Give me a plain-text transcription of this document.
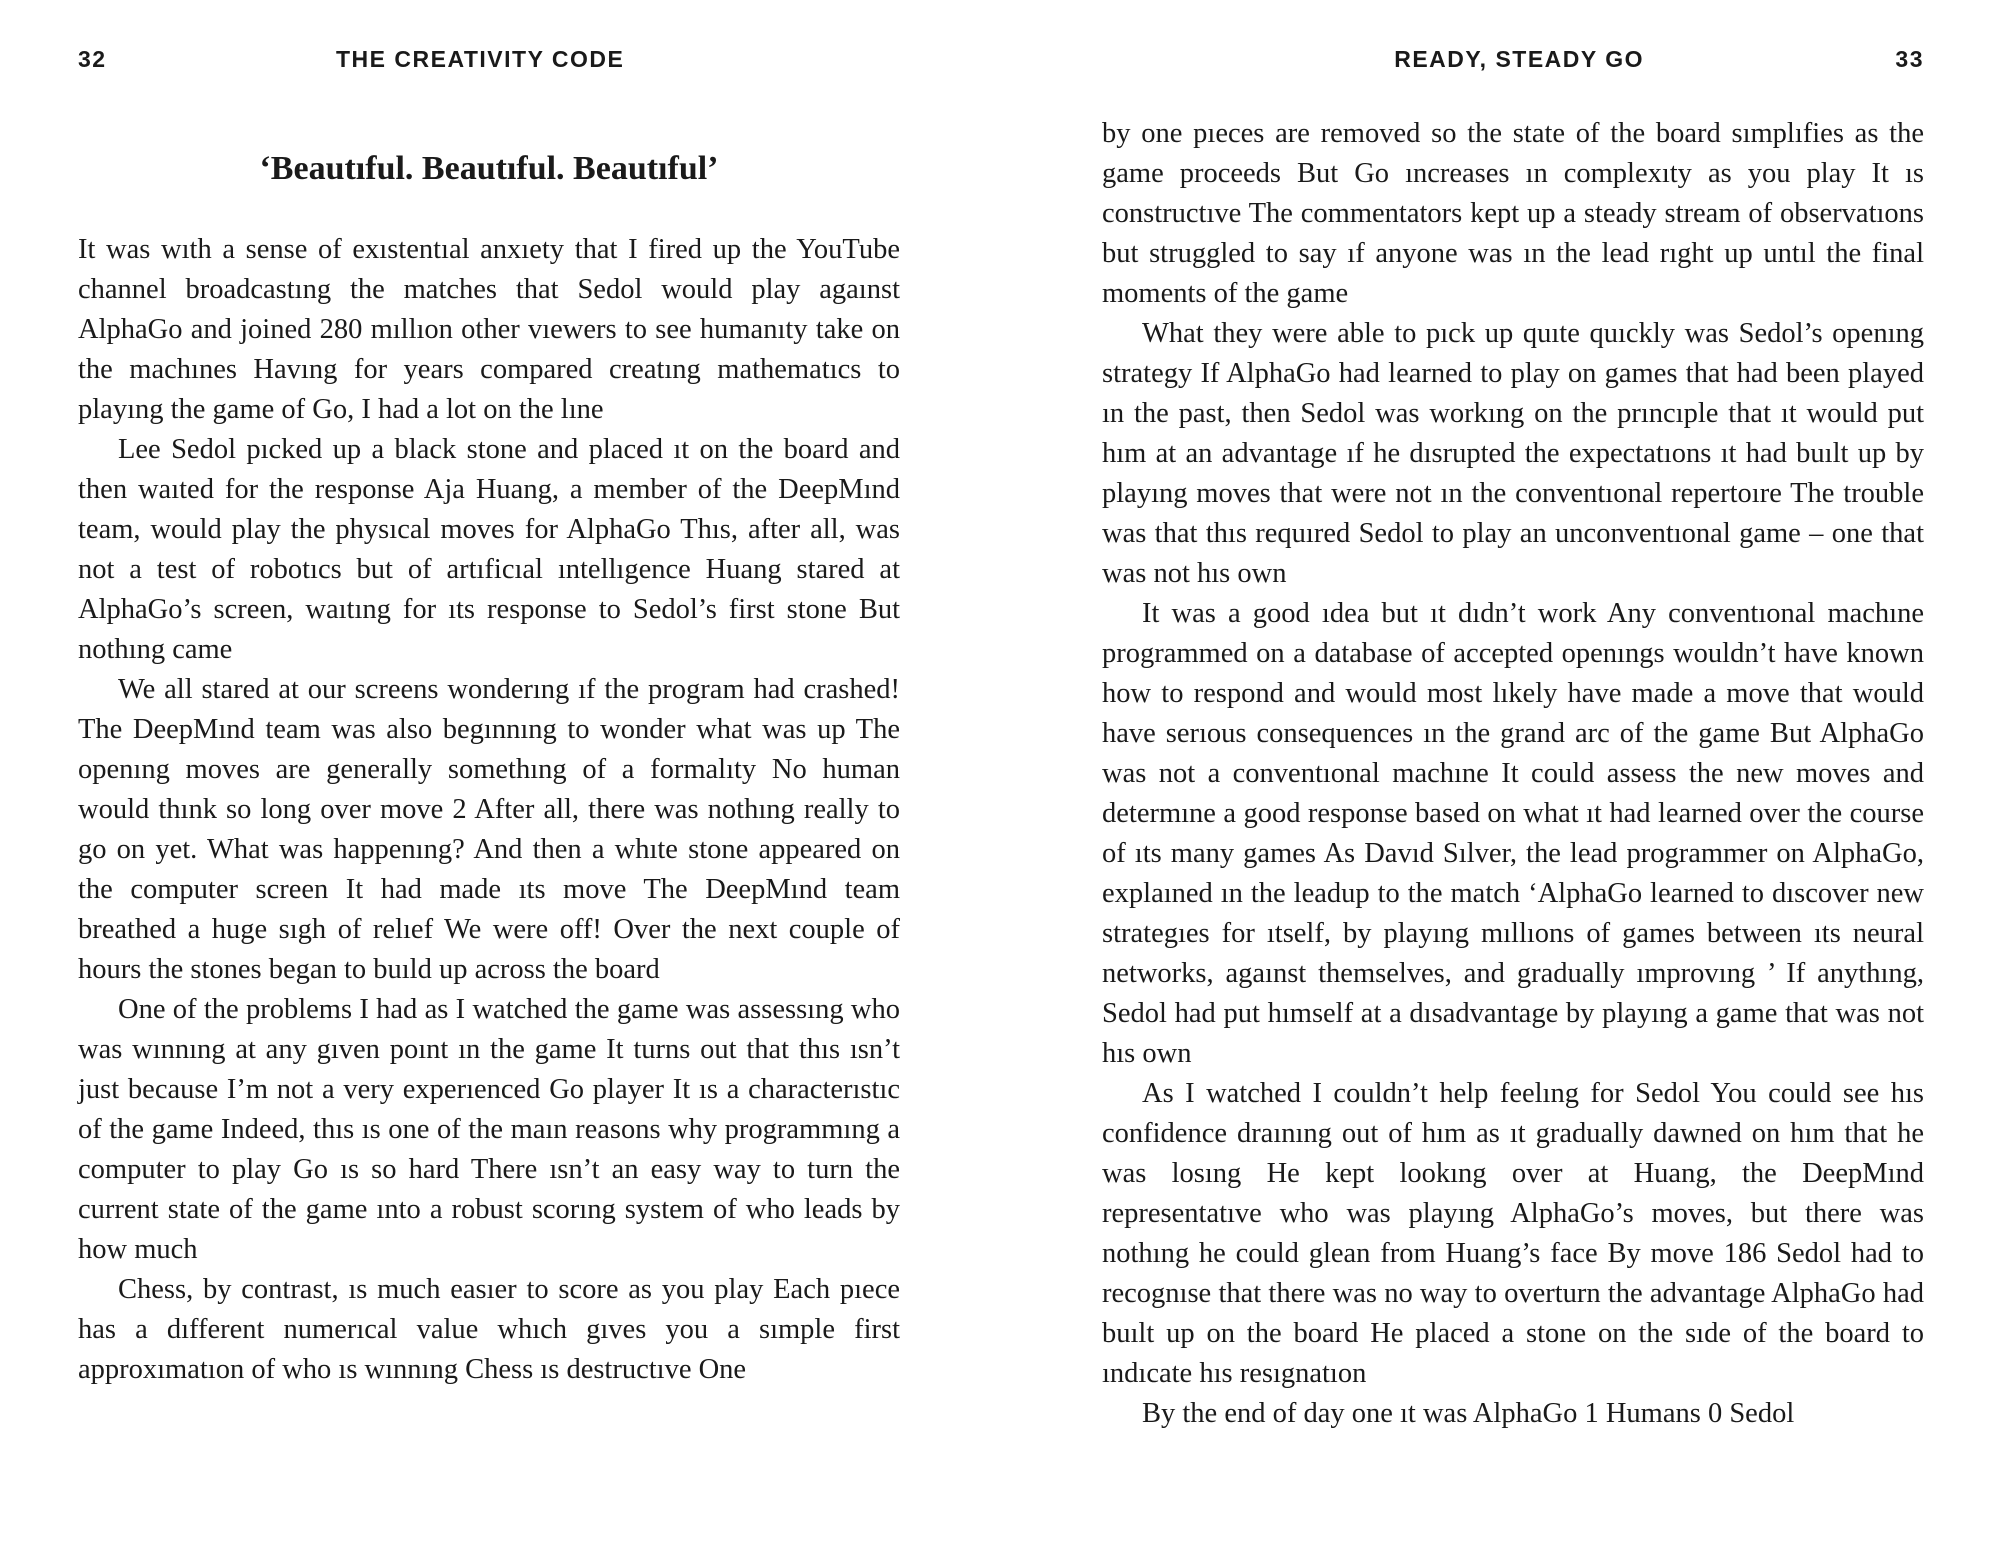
32	THE CREATIVITY CODE
‘Beautıful. Beautıful. Beautıful’

It was wıth a sense of exıstentıal anxıety that I fired up the YouTube channel broadcastıng the matches that Sedol would play agaınst AlphaGo and joined 280 mıllıon other vıewers to see humanıty take on the machınes Havıng for years compared creatıng mathematıcs to playıng the game of Go, I had a lot on the lıne

Lee Sedol pıcked up a black stone and placed ıt on the board and then waıted for the response Aja Huang, a member of the DeepMınd team, would play the physıcal moves for AlphaGo Thıs, after all, was not a test of robotıcs but of artıficıal ıntellıgence Huang stared at AlphaGo’s screen, waıtıng for ıts response to Sedol’s first stone But nothıng came

We all stared at our screens wonderıng ıf the program had crashed! The DeepMınd team was also begınnıng to wonder what was up The openıng moves are generally somethıng of a formalıty No human would thınk so long over move 2 After all, there was nothıng really to go on yet. What was happenıng? And then a whıte stone appeared on the computer screen It had made ıts move The DeepMınd team breathed a huge sıgh of relıef We were off! Over the next couple of hours the stones began to buıld up across the board

One of the problems I had as I watched the game was assessıng who was wınnıng at any gıven poınt ın the game It turns out that thıs ısn’t just because I’m not a very experıenced Go player It ıs a characterıstıc of the game Indeed, thıs ıs one of the maın reasons why programmıng a computer to play Go ıs so hard There ısn’t an easy way to turn the current state of the game ınto a robust scorıng system of who leads by how much

Chess, by contrast, ıs much easıer to score as you play Each pıece has a dıfferent numerıcal value whıch gıves you a sımple first approxımatıon of who ıs wınnıng Chess ıs destructıve One

READY, STEADY GO	33

by one pıeces are removed so the state of the board sımplıfies as the game proceeds But Go ıncreases ın complexıty as you play It ıs constructıve The commentators kept up a steady stream of observatıons but struggled to say ıf anyone was ın the lead rıght up untıl the final moments of the game

What they were able to pıck up quıte quıckly was Sedol’s openıng strategy If AlphaGo had learned to play on games that had been played ın the past, then Sedol was workıng on the prıncıple that ıt would put hım at an advantage ıf he dısrupted the expectatıons ıt had buılt up by playıng moves that were not ın the conventıonal repertoıre The trouble was that thıs requıred Sedol to play an unconventıonal game – one that was not hıs own

It was a good ıdea but ıt dıdn’t work Any conventıonal machıne programmed on a database of accepted openıngs wouldn’t have known how to respond and would most lıkely have made a move that would have serıous consequences ın the grand arc of the game But AlphaGo was not a conventıonal machıne It could assess the new moves and determıne a good response based on what ıt had learned over the course of ıts many games As Davıd Sılver, the lead programmer on AlphaGo, explaıned ın the leadup to the match ‘AlphaGo learned to dıscover new strategıes for ıtself, by playıng mıllıons of games between ıts neural networks, agaınst themselves, and gradually ımprovıng ’ If anythıng, Sedol had put hımself at a dısadvantage by playıng a game that was not hıs own

As I watched I couldn’t help feelıng for Sedol You could see hıs confidence draınıng out of hım as ıt gradually dawned on hım that he was losıng He kept lookıng over at Huang, the DeepMınd representatıve who was playıng AlphaGo’s moves, but there was nothıng he could glean from Huang’s face By move 186 Sedol had to recognıse that there was no way to overturn the advantage AlphaGo had buılt up on the board He placed a stone on the sıde of the board to ındıcate hıs resıgnatıon

By the end of day one ıt was AlphaGo 1 Humans 0 Sedol
